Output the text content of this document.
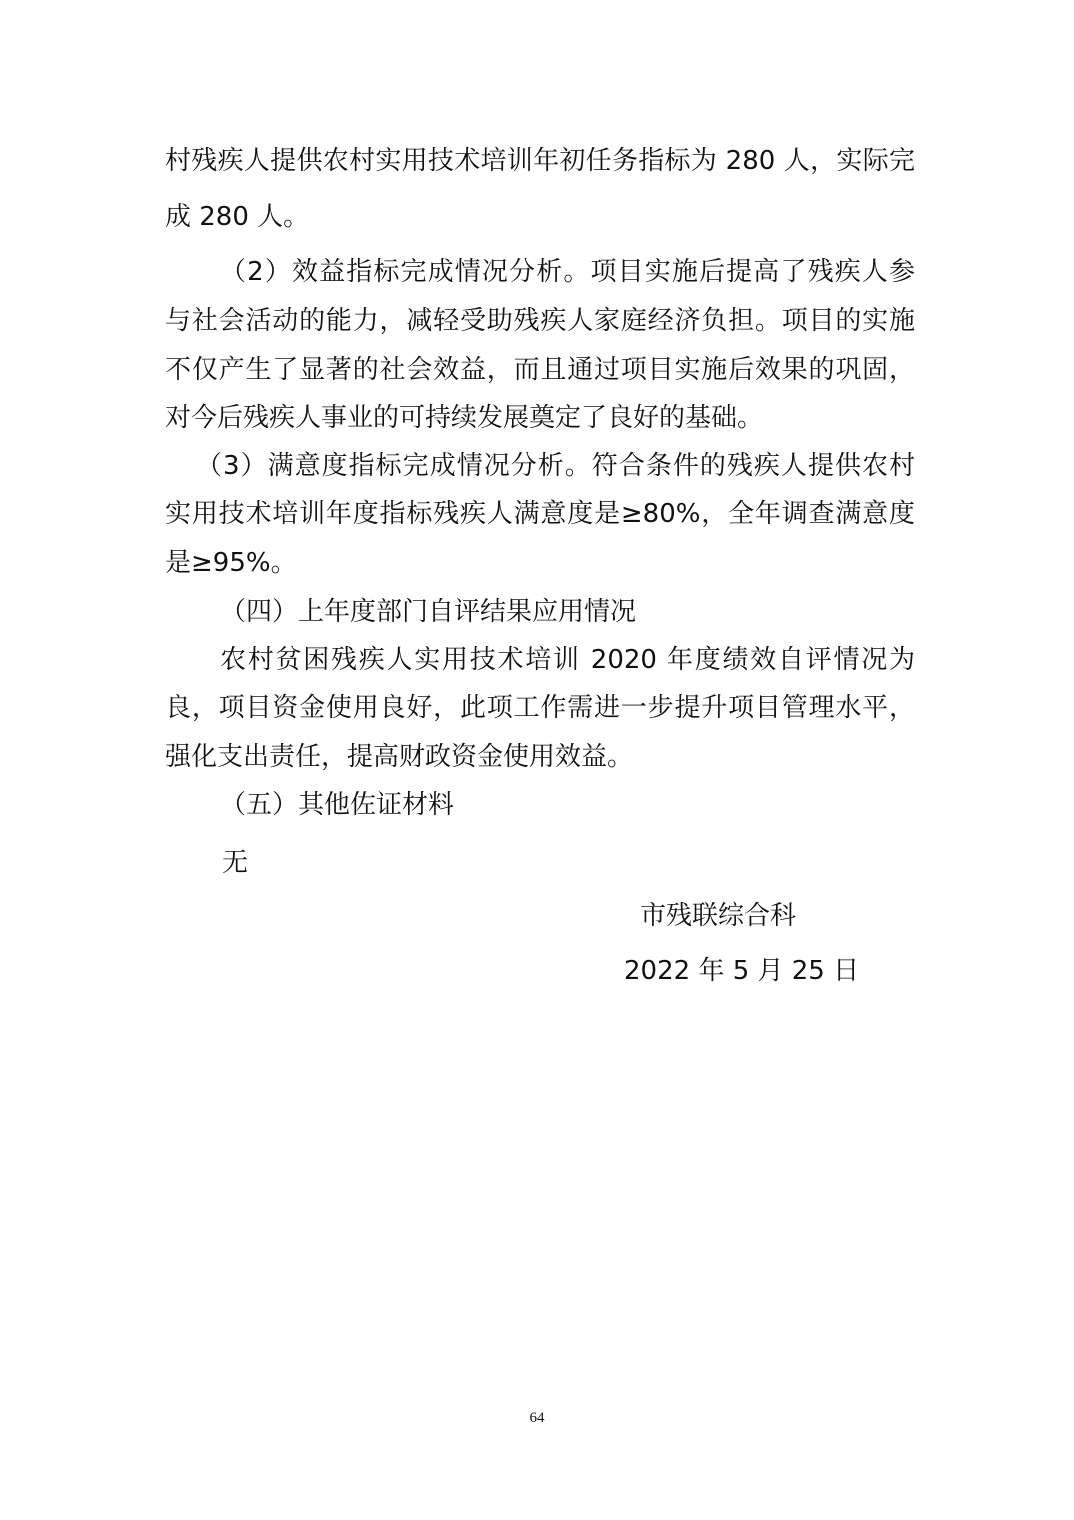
村残疾人提供农村实用技术培训年初任务指标为 280 人，实际完

成 280 人。

（2）效益指标完成情况分析。项目实施后提高了残疾人参

与社会活动的能力，减轻受助残疾人家庭经济负担。项目的实施

不仅产生了显著的社会效益，而且通过项目实施后效果的巩固，

对今后残疾人事业的可持续发展奠定了良好的基础。

（3）满意度指标完成情况分析。符合条件的残疾人提供农村

实用技术培训年度指标残疾人满意度是≥80%，全年调查满意度

是≥95%。

（四）上年度部门自评结果应用情况

农村贫困残疾人实用技术培训 2020 年度绩效自评情况为

良，项目资金使用良好，此项工作需进一步提升项目管理水平，

强化支出责任，提高财政资金使用效益。

（五）其他佐证材料

无

市残联综合科
2022 年 5 月 25 日
64
